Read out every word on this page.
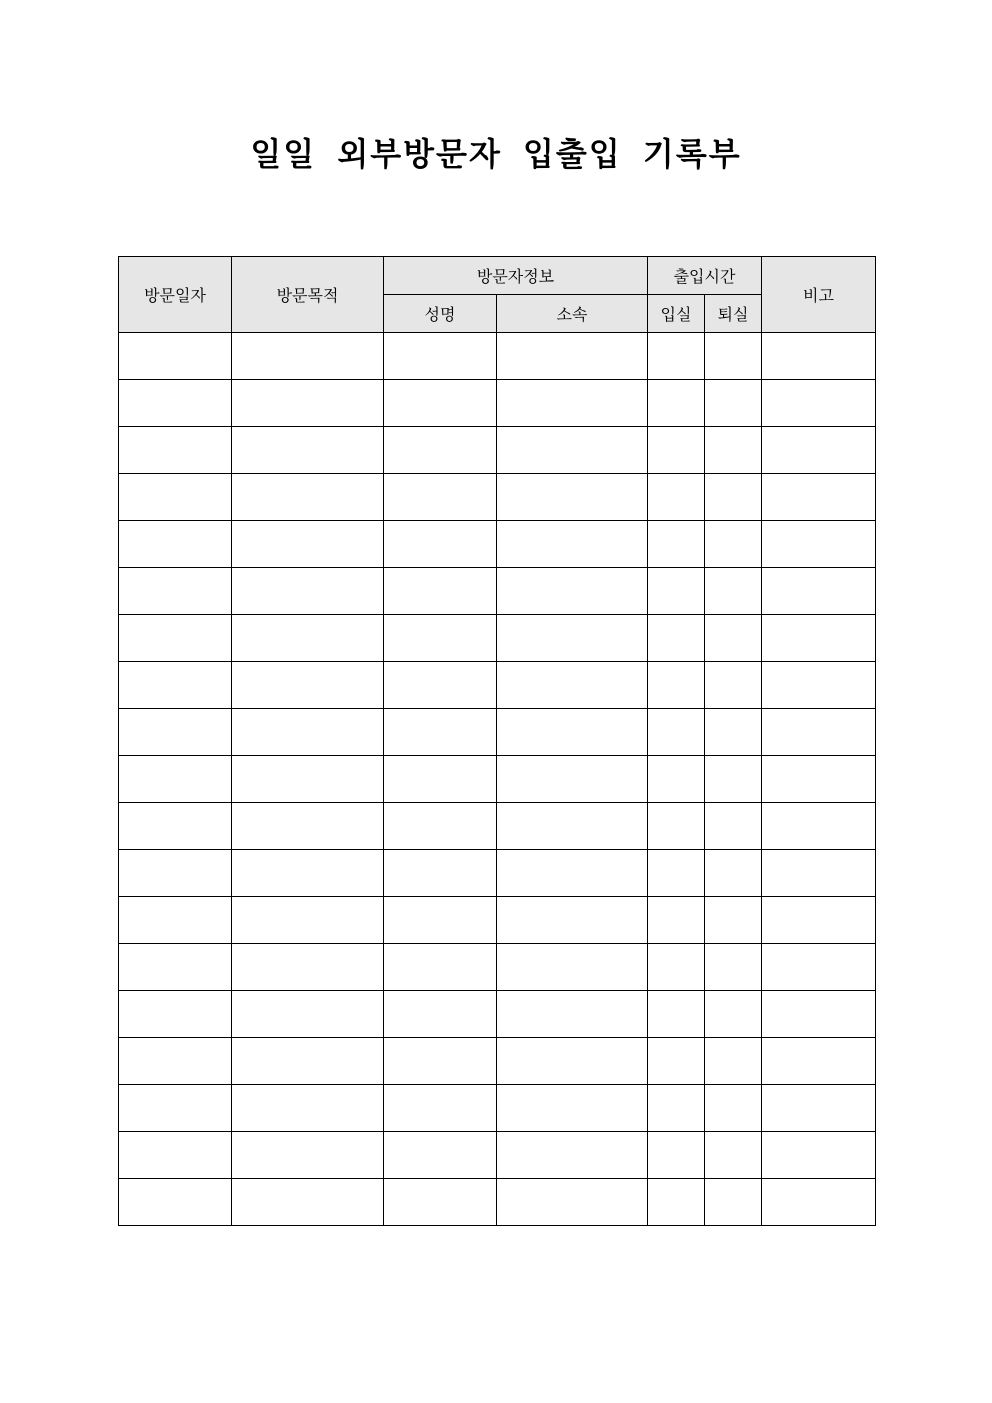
일일 외부방문자 입출입 기록부
방문일자	방문목적	방문자정보		출입시간		비고
		성명	소속	입실	퇴실	
